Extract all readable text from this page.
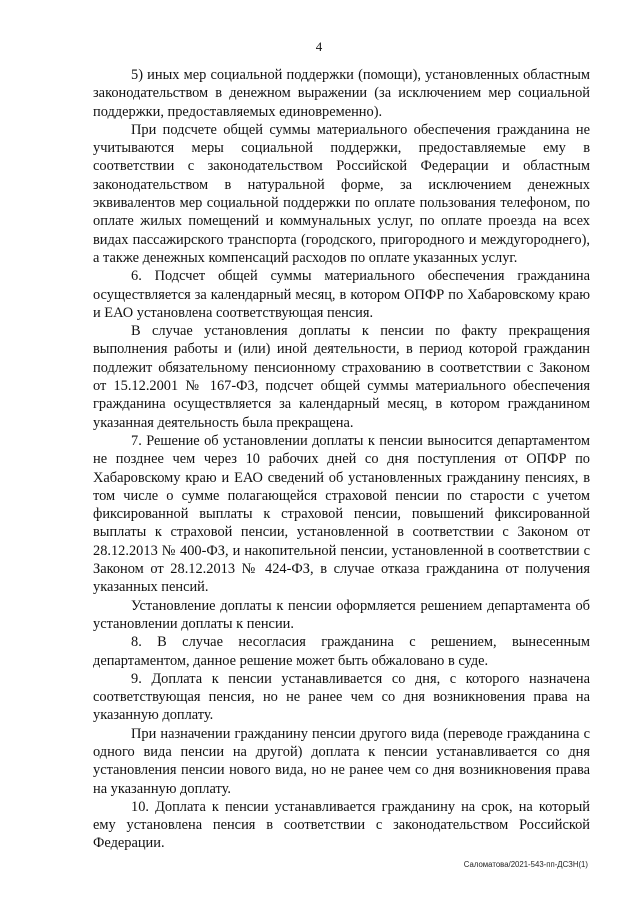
4

5) иных мер социальной поддержки (помощи), установленных областным законодательством в денежном выражении (за исключением мер социальной поддержки, предоставляемых единовременно).

При подсчете общей суммы материального обеспечения гражданина не учитываются меры социальной поддержки, предоставляемые ему в соответствии с законодательством Российской Федерации и областным законодательством в натуральной форме, за исключением денежных эквивалентов мер социальной поддержки по оплате пользования телефоном, по оплате жилых помещений и коммунальных услуг, по оплате проезда на всех видах пассажирского транспорта (городского, пригородного и междугороднего), а также денежных компенсаций расходов по оплате указанных услуг.

6. Подсчет общей суммы материального обеспечения гражданина осуществляется за календарный месяц, в котором ОПФР по Хабаровскому краю и ЕАО установлена соответствующая пенсия.

В случае установления доплаты к пенсии по факту прекращения выполнения работы и (или) иной деятельности, в период которой гражданин подлежит обязательному пенсионному страхованию в соответствии с Законом от 15.12.2001 № 167-ФЗ, подсчет общей суммы материального обеспечения гражданина осуществляется за календарный месяц, в котором гражданином указанная деятельность была прекращена.

7. Решение об установлении доплаты к пенсии выносится департаментом не позднее чем через 10 рабочих дней со дня поступления от ОПФР по Хабаровскому краю и ЕАО сведений об установленных гражданину пенсиях, в том числе о сумме полагающейся страховой пенсии по старости с учетом фиксированной выплаты к страховой пенсии, повышений фиксированной выплаты к страховой пенсии, установленной в соответствии с Законом от 28.12.2013 № 400-ФЗ, и накопительной пенсии, установленной в соответствии с Законом от 28.12.2013 № 424-ФЗ, в случае отказа гражданина от получения указанных пенсий.

Установление доплаты к пенсии оформляется решением департамента об установлении доплаты к пенсии.

8. В случае несогласия гражданина с решением, вынесенным департаментом, данное решение может быть обжаловано в суде.

9. Доплата к пенсии устанавливается со дня, с которого назначена соответствующая пенсия, но не ранее чем со дня возникновения права на указанную доплату.

При назначении гражданину пенсии другого вида (переводе гражданина с одного вида пенсии на другой) доплата к пенсии устанавливается со дня установления пенсии нового вида, но не ранее чем со дня возникновения права на указанную доплату.

10. Доплата к пенсии устанавливается гражданину на срок, на который ему установлена пенсия в соответствии с законодательством Российской Федерации.

Саломатова/2021-543-пп-ДСЗН(1)
